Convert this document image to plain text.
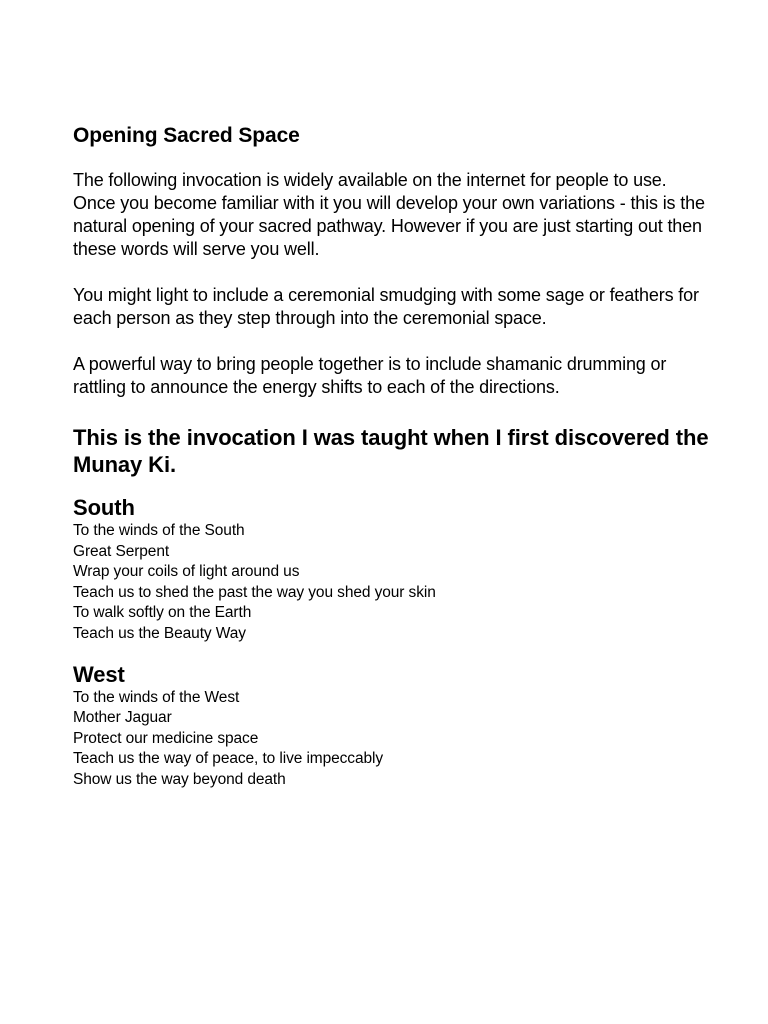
Opening Sacred Space

The following invocation is widely available on the internet for people to use. Once you become familiar with it you will develop your own variations - this is the natural opening of your sacred pathway. However if you are just starting out then these words will serve you well.

You might light to include a ceremonial smudging with some sage or feathers for each person as they step through into the ceremonial space.

A powerful way to bring people together is to include shamanic drumming or rattling to announce the energy shifts to each of the directions.

This is the invocation I was taught when I first discovered the Munay Ki.
South
To the winds of the South
Great Serpent
Wrap your coils of light around us
Teach us to shed the past the way you shed your skin
To walk softly on the Earth
Teach us the Beauty Way
West
To the winds of the West
Mother Jaguar
Protect our medicine space
Teach us the way of peace, to live impeccably
Show us the way beyond death
